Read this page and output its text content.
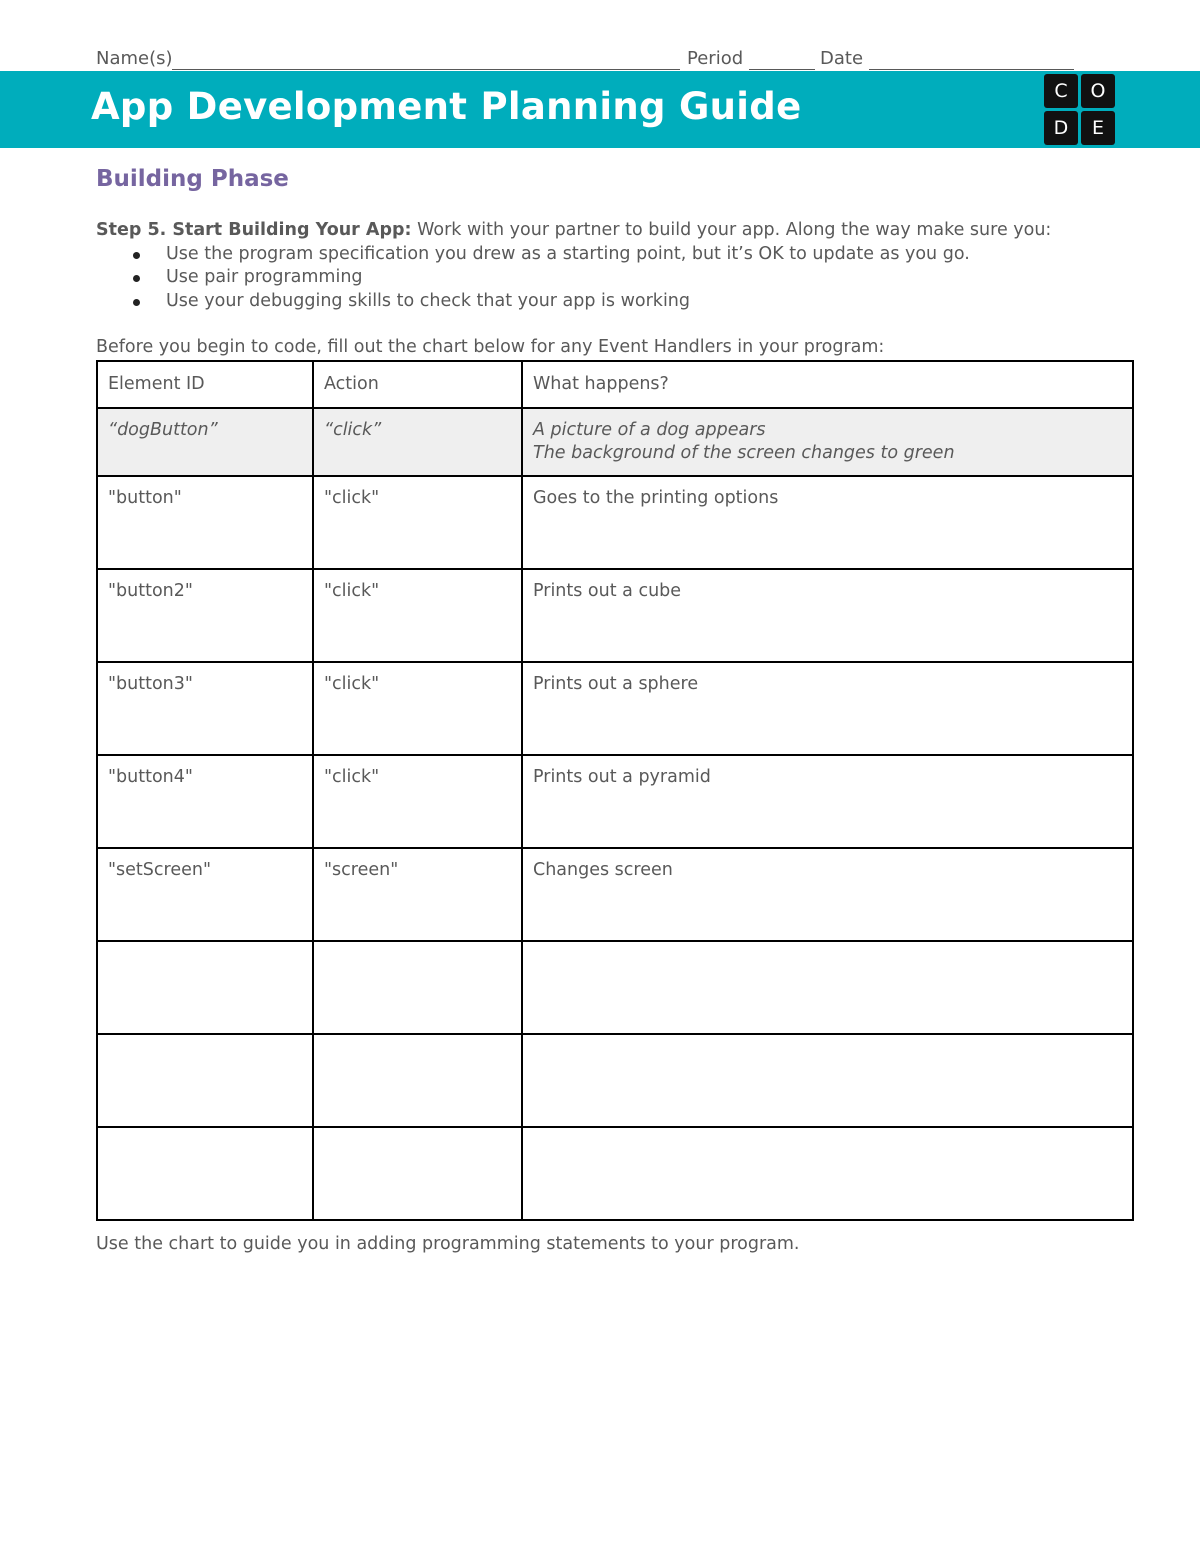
Name(s)	Period	Date
App Development Planning Guide	C	O
D	E
Building Phase
Step 5. Start Building Your App: Work with your partner to build your app. Along the way make sure you:
Use the program specification you drew as a starting point, but it’s OK to update as you go.
Use pair programming
Use your debugging skills to check that your app is working
Before you begin to code, fill out the chart below for any Event Handlers in your program:
Element ID	Action	What happens?
“dogButton”	“click”	A picture of a dog appears
The background of the screen changes to green

"button"	"click"	Goes to the printing options
"button2"	"click"	Prints out a cube
"button3"	"click"	Prints out a sphere
"button4"	"click"	Prints out a pyramid
"setScreen"	"screen"	Changes screen

Use the chart to guide you in adding programming statements to your program.
